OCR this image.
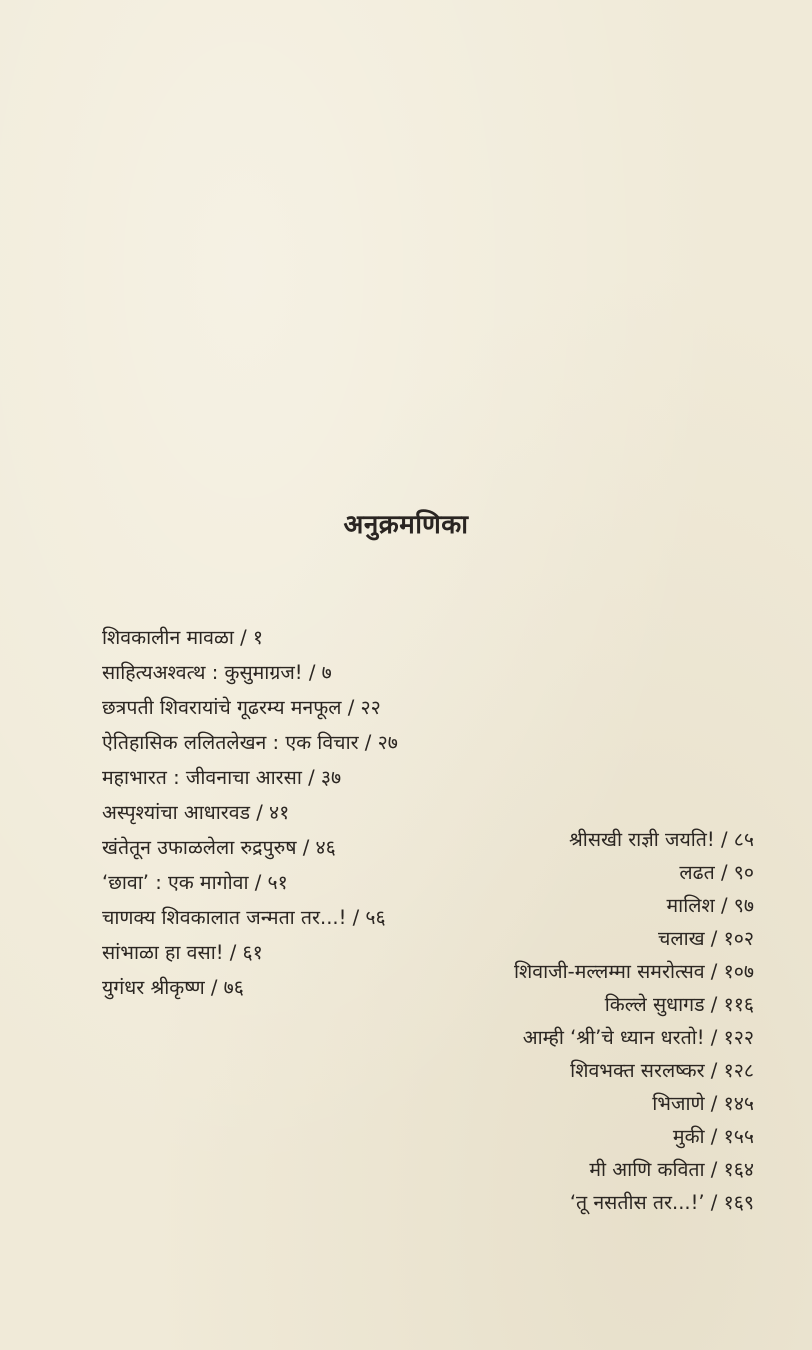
अनुक्रमणिका
शिवकालीन मावळा / १
साहित्यअश्वत्थ : कुसुमाग्रज! / ७
छत्रपती शिवरायांचे गूढरम्य मनफूल / २२
ऐतिहासिक ललितलेखन : एक विचार / २७
महाभारत : जीवनाचा आरसा / ३७
अस्पृश्यांचा आधारवड / ४१
खंतेतून उफाळलेला रुद्रपुरुष / ४६
‘छावा’ : एक मागोवा / ५१
चाणक्य शिवकालात जन्मता तर...! / ५६
सांभाळा हा वसा! / ६१
युगंधर श्रीकृष्ण / ७६
श्रीसखी राज्ञी जयति! / ८५
लढत / ९०
मालिश / ९७
चलाख / १०२
शिवाजी-मल्लम्मा समरोत्सव / १०७
किल्ले सुधागड / ११६
आम्ही ‘श्री’चे ध्यान धरतो! / १२२
शिवभक्त सरलष्कर / १२८
भिजाणे / १४५
मुकी / १५५
मी आणि कविता / १६४
‘तू नसतीस तर...!’ / १६९
